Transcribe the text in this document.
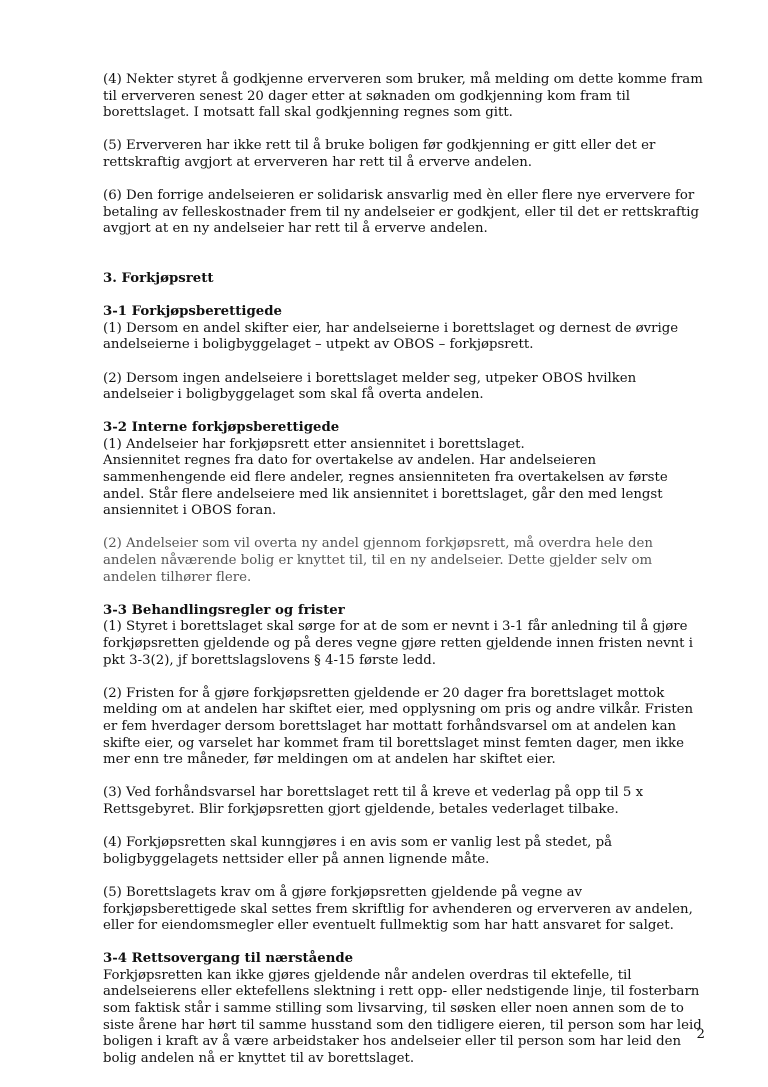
(4) Nekter styret å godkjenne erververen som bruker, må melding om dette komme fram til erververen senest 20 dager etter at søknaden om godkjenning kom fram til borettslaget. I motsatt fall skal godkjenning regnes som gitt.

(5) Erververen har ikke rett til å bruke boligen før godkjenning er gitt eller det er rettskraftig avgjort at erververen har rett til å erverve andelen.

(6) Den forrige andelseieren er solidarisk ansvarlig med èn eller flere nye erververe for betaling av felleskostnader frem til ny andelseier er godkjent, eller til det er rettskraftig avgjort at en ny andelseier har rett til å erverve andelen.

3. Forkjøpsrett

3-1 Forkjøpsberettigede

(1) Dersom en andel skifter eier, har andelseierne i borettslaget og dernest de øvrige andelseierne i boligbyggelaget – utpekt av OBOS – forkjøpsrett.

(2) Dersom ingen andelseiere i borettslaget melder seg, utpeker OBOS hvilken andelseier i boligbyggelaget som skal få overta andelen.

3-2 Interne forkjøpsberettigede

(1) Andelseier har forkjøpsrett etter ansiennitet i borettslaget.
Ansiennitet regnes fra dato for overtakelse av andelen. Har andelseieren sammenhengende eid flere andeler, regnes ansienniteten fra overtakelsen av første andel. Står flere andelseiere med lik ansiennitet i borettslaget, går den med lengst ansiennitet i OBOS foran.

(2) Andelseier som vil overta ny andel gjennom forkjøpsrett, må overdra hele den andelen nåværende bolig er knyttet til, til en ny andelseier. Dette gjelder selv om andelen tilhører flere.

3-3 Behandlingsregler og frister

(1) Styret i borettslaget skal sørge for at de som er nevnt i 3-1 får anledning til å gjøre forkjøpsretten gjeldende og på deres vegne gjøre retten gjeldende innen fristen nevnt i pkt 3-3(2), jf borettslagslovens § 4-15 første ledd.

(2) Fristen for å gjøre forkjøpsretten gjeldende er 20 dager fra borettslaget mottok melding om at andelen har skiftet eier, med opplysning om pris og andre vilkår. Fristen er fem hverdager dersom borettslaget har mottatt forhåndsvarsel om at andelen kan skifte eier, og varselet har kommet fram til borettslaget minst femten dager, men ikke mer enn tre måneder, før meldingen om at andelen har skiftet eier.

(3) Ved forhåndsvarsel har borettslaget rett til å kreve et vederlag på opp til 5 x Rettsgebyret. Blir forkjøpsretten gjort gjeldende, betales vederlaget tilbake.

(4) Forkjøpsretten skal kunngjøres i en avis som er vanlig lest på stedet, på boligbyggelagets nettsider eller på annen lignende måte.

(5) Borettslagets krav om å gjøre forkjøpsretten gjeldende på vegne av forkjøpsberettigede skal settes frem skriftlig for avhenderen og erververen av andelen, eller for eiendomsmegler eller eventuelt fullmektig som har hatt ansvaret for salget.

3-4 Rettsovergang til nærstående

Forkjøpsretten kan ikke gjøres gjeldende når andelen overdras til ektefelle, til andelseierens eller ektefellens slektning i rett opp- eller nedstigende linje, til fosterbarn som faktisk står i samme stilling som livsarving, til søsken eller noen annen som de to siste årene har hørt til samme husstand som den tidligere eieren, til person som har leid boligen i kraft av å være arbeidstaker hos andelseier eller til person som har leid den bolig andelen nå er knyttet til av borettslaget.

2
